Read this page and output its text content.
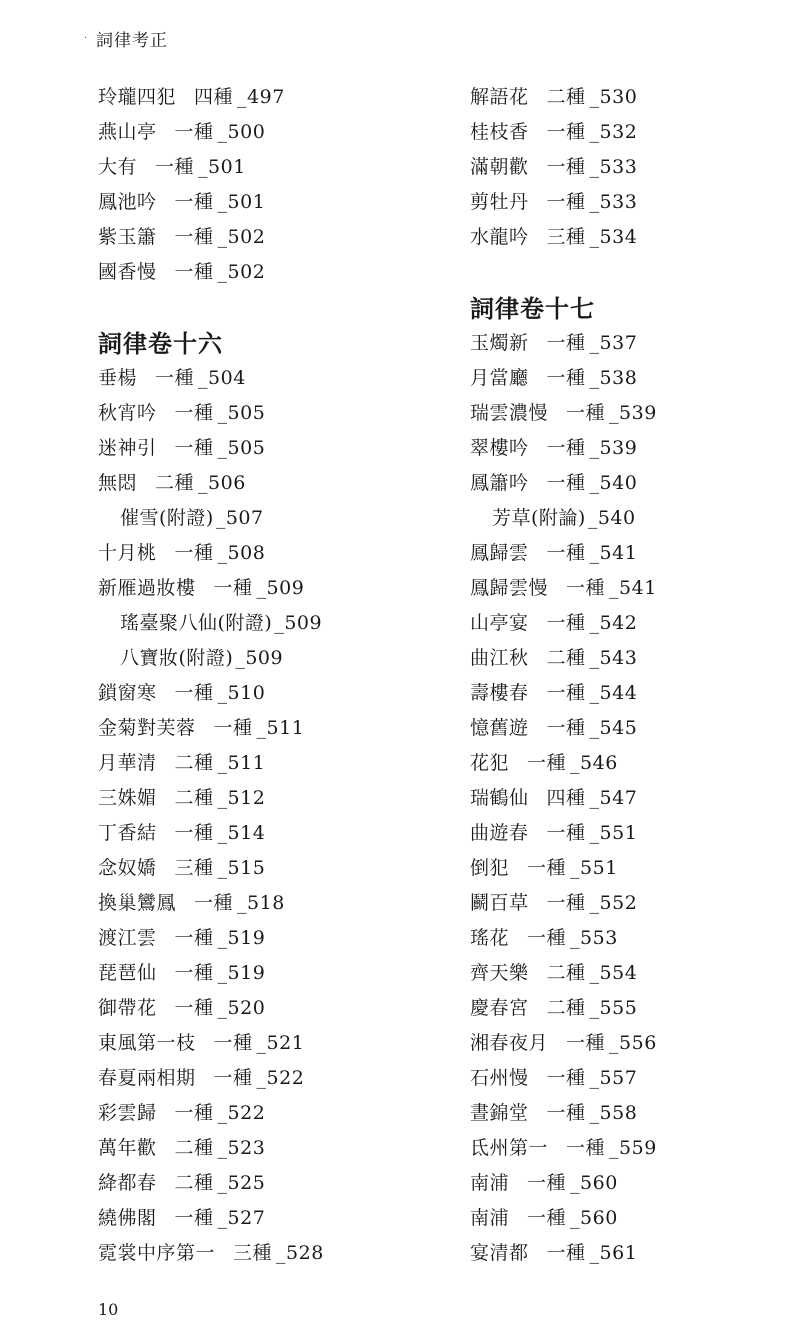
. 詞律考正
玲瓏四犯 四種 _497
燕山亭 一種 _500
大有 一種 _501
鳳池吟 一種 _501
紫玉簫 一種 _502
國香慢 一種 _502
詞律卷十六
垂楊 一種 _504
秋宵吟 一種 _505
迷神引 一種 _505
無悶 二種 _506
催雪(附證) _507
十月桃 一種 _508
新雁過妝樓 一種 _509
瑤臺聚八仙(附證) _509
八寶妝(附證) _509
鎖窗寒 一種 _510
金菊對芙蓉 一種 _511
月華清 二種 _511
三姝媚 二種 _512
丁香結 一種 _514
念奴嬌 三種 _515
換巢鸞鳳 一種 _518
渡江雲 一種 _519
琵琶仙 一種 _519
御帶花 一種 _520
東風第一枝 一種 _521
春夏兩相期 一種 _522
彩雲歸 一種 _522
萬年歡 二種 _523
絳都春 二種 _525
繞佛閣 一種 _527
霓裳中序第一 三種 _528
解語花 二種 _530
桂枝香 一種 _532
滿朝歡 一種 _533
剪牡丹 一種 _533
水龍吟 三種 _534
詞律卷十七
玉燭新 一種 _537
月當廳 一種 _538
瑞雲濃慢 一種 _539
翠樓吟 一種 _539
鳳簫吟 一種 _540
芳草(附論) _540
鳳歸雲 一種 _541
鳳歸雲慢 一種 _541
山亭宴 一種 _542
曲江秋 二種 _543
壽樓春 一種 _544
憶舊遊 一種 _545
花犯 一種 _546
瑞鶴仙 四種 _547
曲遊春 一種 _551
倒犯 一種 _551
鬬百草 一種 _552
瑤花 一種 _553
齊天樂 二種 _554
慶春宮 二種 _555
湘春夜月 一種 _556
石州慢 一種 _557
晝錦堂 一種 _558
氐州第一 一種 _559
南浦 一種 _560
南浦 一種 _560
宴清都 一種 _561
10
